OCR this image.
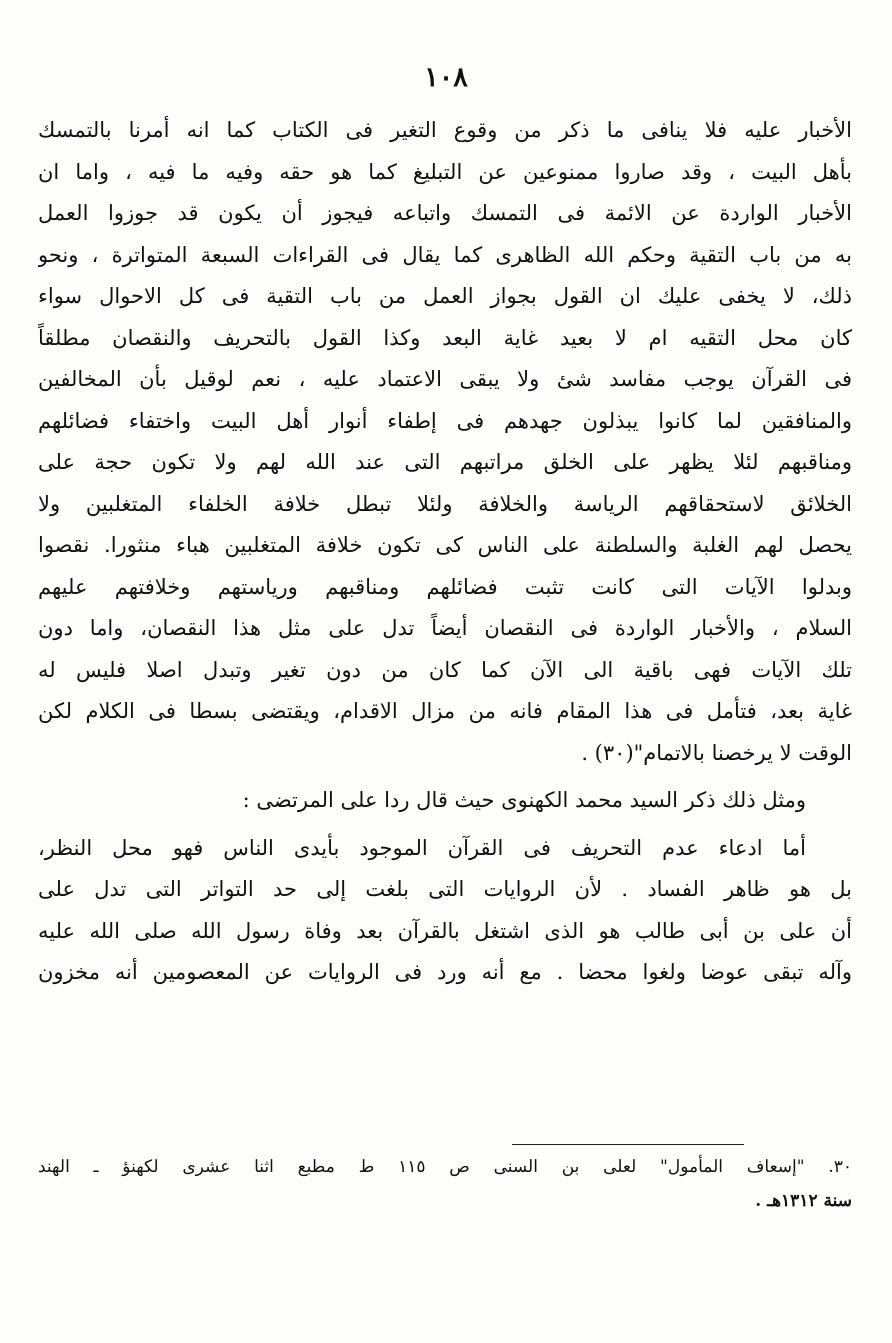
١٠٨
الأخبار عليه فلا ينافى ما ذكر من وقوع التغير فى الكتاب كما انه أمرنا بالتمسك
بأهل البيت ، وقد صاروا ممنوعين عن التبليغ كما هو حقه وفيه ما فيه ، واما ان
الأخبار الواردة عن الائمة فى التمسك واتباعه فيجوز أن يكون قد جوزوا العمل
به من باب التقية وحكم الله الظاهرى كما يقال فى القراءات السبعة المتواترة ، ونحو
ذلك، لا يخفى عليك ان القول بجواز العمل من باب التقية فى كل الاحوال سواء
كان محل التقيه ام لا بعيد غاية البعد وكذا القول بالتحريف والنقصان مطلقاً
فى القرآن يوجب مفاسد شئ ولا يبقى الاعتماد عليه ، نعم لوقيل بأن المخالفين
والمنافقين لما كانوا يبذلون جهدهم فى إطفاء أنوار أهل البيت واختفاء فضائلهم
ومناقبهم لئلا يظهر على الخلق مراتبهم التى عند الله لهم ولا تكون حجة على
الخلائق لاستحقاقهم الرياسة والخلافة ولئلا تبطل خلافة الخلفاء المتغلبين ولا
يحصل لهم الغلبة والسلطنة على الناس كى تكون خلافة المتغلبين هباء منثورا. نقصوا
وبدلوا الآيات التى كانت تثبت فضائلهم ومناقبهم ورياستهم وخلافتهم عليهم
السلام ، والأخبار الواردة فى النقصان أيضاً تدل على مثل هذا النقصان، واما دون
تلك الآيات فهى باقية الى الآن كما كان من دون تغير وتبدل اصلا فليس له
غاية بعد، فتأمل فى هذا المقام فانه من مزال الاقدام، ويقتضى بسطا فى الكلام لكن
الوقت لا يرخصنا بالاتمام"(٣٠) .
ومثل ذلك ذكر السيد محمد الكهنوى حيث قال ردا على المرتضى :
أما ادعاء عدم التحريف فى القرآن الموجود بأيدى الناس فهو محل النظر،
بل هو ظاهر الفساد . لأن الروايات التى بلغت إلى حد التواتر التى تدل على
أن على بن أبى طالب هو الذى اشتغل بالقرآن بعد وفاة رسول الله صلى الله عليه
وآله تبقى عوضا ولغوا محضا . مع أنه ورد فى الروايات عن المعصومين أنه مخزون
٣٠. "إسعاف المأمول" لعلى بن السنى ص ١١٥ ط مطبع اثنا عشرى لكهنؤ ـ الهند
سنة ١٣١٢هـ .
